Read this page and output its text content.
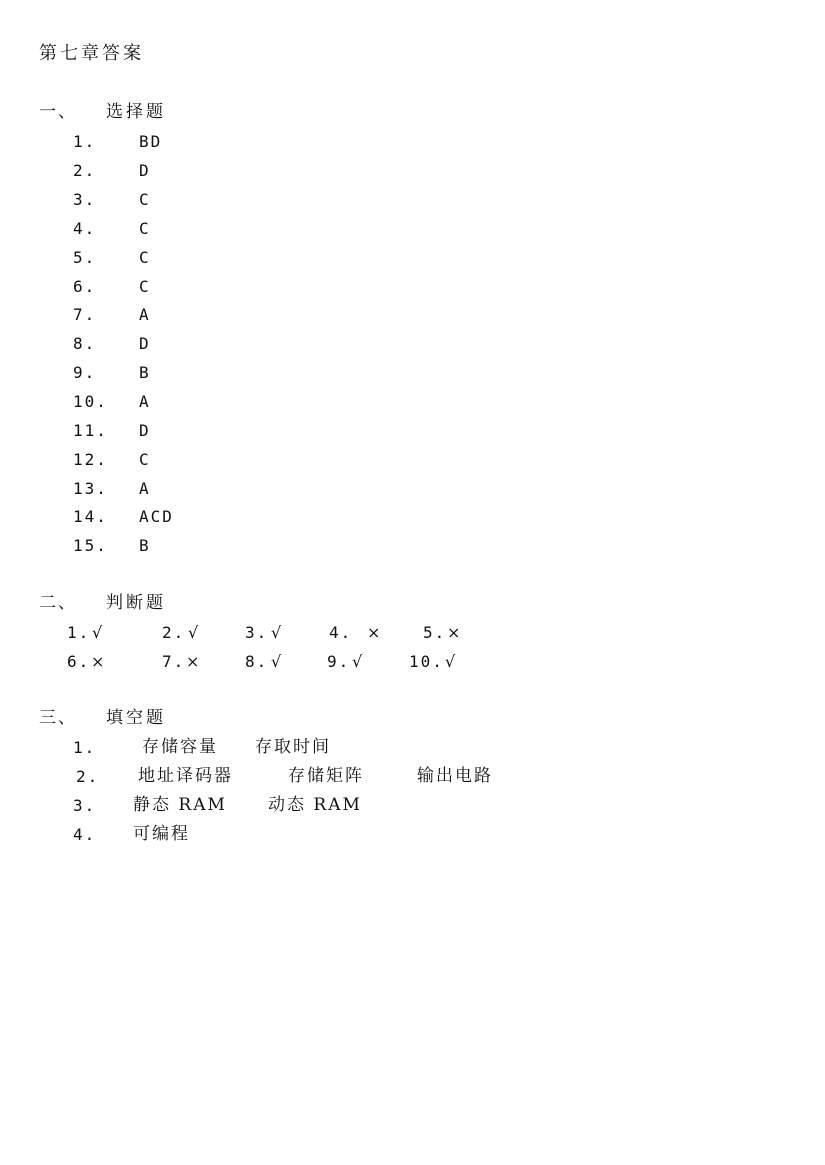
第七章答案
一、 选择题
1.	BD
2.	D
3.	C
4.	C
5.	C
6.	C
7.	A
8.	D
9.	B
10. A
11. D
12. C
13. A
14. ACD
15. B
二、 判断题
1. √	2. √	3. √	4. ×	5. ×
6. ×	7. ×	8. √	9. √	10. √
三、 填空题
1.	存储容量 存取时间
2. 地址译码器	存储矩阵	输出电路
3. 静态 RAM 动态 RAM
4. 可编程
